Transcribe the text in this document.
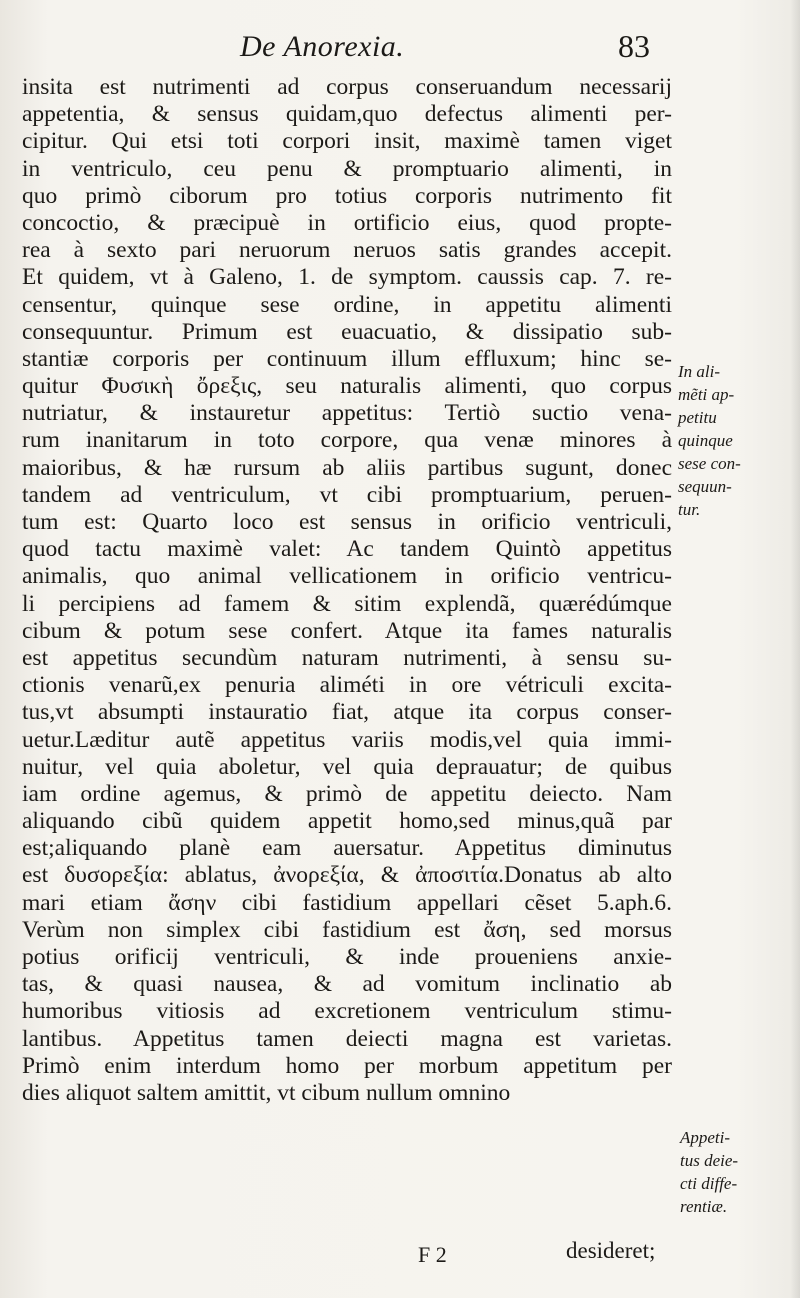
De Anorexia.	83
insita est nutrimenti ad corpus conseruandum necessarij
appetentia, & sensus quidam,quo defectus alimenti per-
cipitur. Qui etsi toti corpori insit, maximè tamen viget
in ventriculo, ceu penu & promptuario alimenti, in
quo primò ciborum pro totius corporis nutrimento fit
concoctio, & præcipuè in ortificio eius, quod propte-
rea à sexto pari neruorum neruos satis grandes accepit.
Et quidem, vt à Galeno, 1. de symptom. caussis cap. 7. re-
censentur, quinque sese ordine, in appetitu alimenti
consequuntur. Primum est euacuatio, & dissipatio sub-
stantiæ corporis per continuum illum effluxum; hinc se-
quitur Φυσικὴ ὄρεξις, seu naturalis alimenti, quo corpus
nutriatur, & instauretur appetitus: Tertiò suctio vena-
rum inanitarum in toto corpore, qua venæ minores à
maioribus, & hæ rursum ab aliis partibus sugunt, donec
tandem ad ventriculum, vt cibi promptuarium, peruen-
tum est: Quarto loco est sensus in orificio ventriculi,
quod tactu maximè valet: Ac tandem Quintò appetitus
animalis, quo animal vellicationem in orificio ventricu-
li percipiens ad famem & sitim explendã, quærédúmque
cibum & potum sese confert. Atque ita fames naturalis
est appetitus secundùm naturam nutrimenti, à sensu su-
ctionis venarũ,ex penuria aliméti in ore vétriculi excita-
tus,vt absumpti instauratio fiat, atque ita corpus conser-
uetur.Læditur autẽ appetitus variis modis,vel quia immi-
nuitur, vel quia aboletur, vel quia deprauatur; de quibus
iam ordine agemus, & primò de appetitu deiecto. Nam
aliquando cibũ quidem appetit homo,sed minus,quã par
est;aliquando planè eam auersatur. Appetitus diminutus
est δυσορεξία: ablatus, ἀνορεξία, & ἀποσιτία.Donatus ab alto
mari etiam ἄσην cibi fastidium appellari cẽset 5.aph.6.
Verùm non simplex cibi fastidium est ἄση, sed morsus
potius orificij ventriculi, & inde proueniens anxie-
tas, & quasi nausea, & ad vomitum inclinatio ab
humoribus vitiosis ad excretionem ventriculum stimu-
lantibus. Appetitus tamen deiecti magna est varietas.
Primò enim interdum homo per morbum appetitum per
dies aliquot saltem amittit, vt cibum nullum omnino
In ali-
mẽti ap-
petitu
quinque
sese con-
sequun-
tur.
Appeti-
tus deie-
cti diffe-
rentiæ.
F 2	desideret;
